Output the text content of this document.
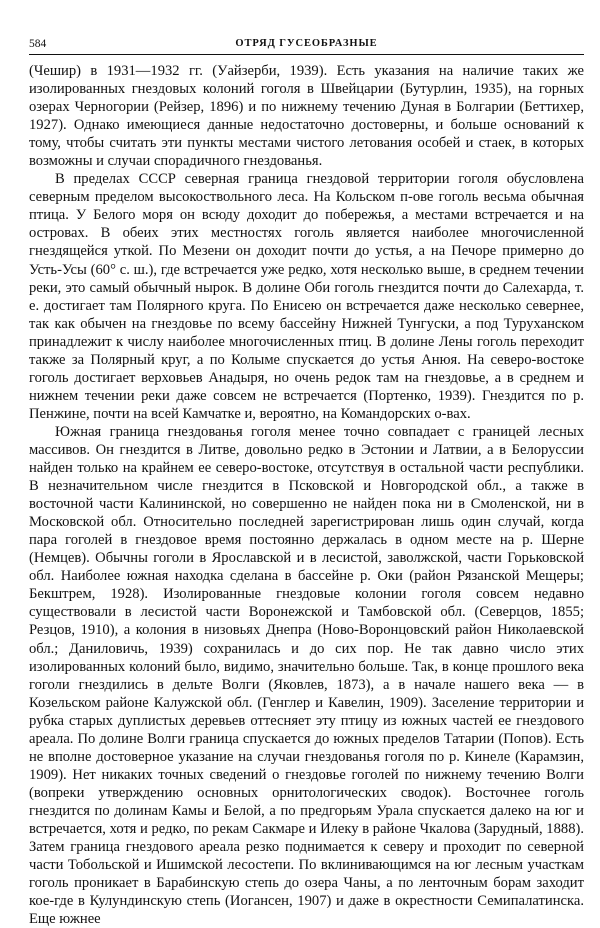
584	ОТРЯД ГУСЕОБРАЗНЫЕ

(Чешир) в 1931—1932 гг. (Уайзерби, 1939). Есть указания на наличие таких же изолированных гнездовых колоний гоголя в Швейцарии (Бутурлин, 1935), на горных озерах Черногории (Рейзер, 1896) и по нижнему течению Дуная в Болгарии (Беттихер, 1927). Однако имеющиеся данные недостаточно достоверны, и больше оснований к тому, чтобы считать эти пункты местами чистого летования особей и стаек, в которых возможны и случаи спорадичного гнездованья.

В пределах СССР северная граница гнездовой территории гоголя обусловлена северным пределом высокоствольного леса. На Кольском п-ове гоголь весьма обычная птица. У Белого моря он всюду доходит до побережья, а местами встречается и на островах. В обеих этих местностях гоголь является наиболее многочисленной гнездящейся уткой. По Мезени он доходит почти до устья, а на Печоре примерно до Усть-Усы (60° с. ш.), где встречается уже редко, хотя несколько выше, в среднем течении реки, это самый обычный нырок. В долине Оби гоголь гнездится почти до Салехарда, т. е. достигает там Полярного круга. По Енисею он встречается даже несколько севернее, так как обычен на гнездовье по всему бассейну Нижней Тунгуски, а под Туруханском принадлежит к числу наиболее многочисленных птиц. В долине Лены гоголь переходит также за Полярный круг, а по Колыме спускается до устья Анюя. На северо-востоке гоголь достигает верховьев Анадыря, но очень редок там на гнездовье, а в среднем и нижнем течении реки даже совсем не встречается (Портенко, 1939). Гнездится по р. Пенжине, почти на всей Камчатке и, вероятно, на Командорских о-вах.

Южная граница гнездованья гоголя менее точно совпадает с границей лесных массивов. Он гнездится в Литве, довольно редко в Эстонии и Латвии, а в Белоруссии найден только на крайнем ее северо-востоке, отсутствуя в остальной части республики. В незначительном числе гнездится в Псковской и Новгородской обл., а также в восточной части Калининской, но совершенно не найден пока ни в Смоленской, ни в Московской обл. Относительно последней зарегистрирован лишь один случай, когда пара гоголей в гнездовое время постоянно держалась в одном месте на р. Шерне (Немцев). Обычны гоголи в Ярославской и в лесистой, заволжской, части Горьковской обл. Наиболее южная находка сделана в бассейне р. Оки (район Рязанской Мещеры; Бекштрем, 1928). Изолированные гнездовые колонии гоголя совсем недавно существовали в лесистой части Воронежской и Тамбовской обл. (Северцов, 1855; Резцов, 1910), а колония в низовьях Днепра (Ново-Воронцовский район Николаевской обл.; Даниловичь, 1939) сохранилась и до сих пор. Не так давно число этих изолированных колоний было, видимо, значительно больше. Так, в конце прошлого века гоголи гнездились в дельте Волги (Яковлев, 1873), а в начале нашего века — в Козельском районе Калужской обл. (Генглер и Кавелин, 1909). Заселение территории и рубка старых дуплистых деревьев оттесняет эту птицу из южных частей ее гнездового ареала. По долине Волги граница спускается до южных пределов Татарии (Попов). Есть не вполне достоверное указание на случаи гнездованья гоголя по р. Кинеле (Карамзин, 1909). Нет никаких точных сведений о гнездовье гоголей по нижнему течению Волги (вопреки утверждению основных орнитологических сводок). Восточнее гоголь гнездится по долинам Камы и Белой, а по предгорьям Урала спускается далеко на юг и встречается, хотя и редко, по рекам Сакмаре и Илеку в районе Чкалова (Зарудный, 1888). Затем граница гнездового ареала резко поднимается к северу и проходит по северной части Тобольской и Ишимской лесостепи. По вклинивающимся на юг лесным участкам гоголь проникает в Барабинскую степь до озера Чаны, а по ленточным борам заходит кое-где в Кулундинскую степь (Иогансен, 1907) и даже в окрестности Семипалатинска. Еще южнее
